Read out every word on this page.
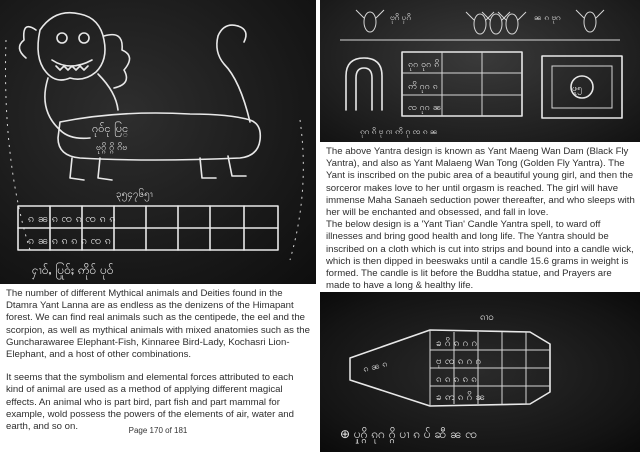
ဂုဝ်ငု ပြင္
ဗုဂ္ဂိ ဂ္ဂိ ဂိဗ
၃၅၄၇၆၅ၫ
ၵ ၼ ၵ ၸ ၵ ၸ ၵ ၵ
ၵ ၼ ၵ ၵ ၵ ၵ ၸ ၵ
ႁၢဝ်ႇ ပြုဝ်ႈ ဢိုဝ် ပုဝ်
ဗုဂိ ၦဂိ	ၼ ၵ ဗုဂ
ၵုဂ ဝုဂ ၵိ
ဢိ ဂုဂ ၵ
ၸ ဂုဂ ၼ
ဖူ၅
ၵုဂ ၵိ ဗု ဂၢ ဢိ ဂု ၸ ၵ ၼ

The above Yantra design is known as Yant Maeng Wan Dam (Black Fly Yantra), and also as Yant Malaeng Wan Tong (Golden Fly Yantra). The Yant is inscribed on the pubic area of a beautiful young girl, and then the sorceror makes love to her until orgasm is reached. The girl will have immense Maha Sanaeh seduction power thereafter, and who sleeps with her will be enchanted and obsessed, and fall in love.

The below design is a 'Yant Tian' Candle Yantra spell, to ward off illnesses and bring good health and long life. The Yantra should be inscribed on a cloth which is cut into strips and bound into a candle wick, which is then dipped in beeswaks until a candle 15.6 grams in weight is formed. The candle is lit before the Buddha statue, and Prayers are made to have a long & healthy life.

The number of different Mythical animals and Deities found in the Dtamra Yant Lanna are as endless as the denizens of the Himapant forest. We can find real animals such as the centipede, the eel and the scorpion, as well as mythical animals with mixed anatomies such as the Guncharawaree Elephant-Fish, Kinnaree Bird-Lady, Kochasri Lion-Elephant, and a host of other combinations.

It seems that the symbolism and elemental forces attributed to each kind of animal are used as a method of applying different magical effects. An animal who is part bird, part fish and part mammal for example, wold possess the powers of the elements of air, water and earth, and so on.	Page 170 of 181
ၶ ဂိ ၵ ဂ ဂ
ဗု ၸ ၵ ဂ ဂ
ၵ ၵ ၵ ၵ ၵ
ၶ ဢ ၵ ဂိ ၼ
ၵ ၼ ၵ
ၵၢဝ
⊕ ၦုဂ္ဂိ ၵုဂ ဂ္ဂိ ပၢ ၵ ပ် ဆီ ၼ ၸ
